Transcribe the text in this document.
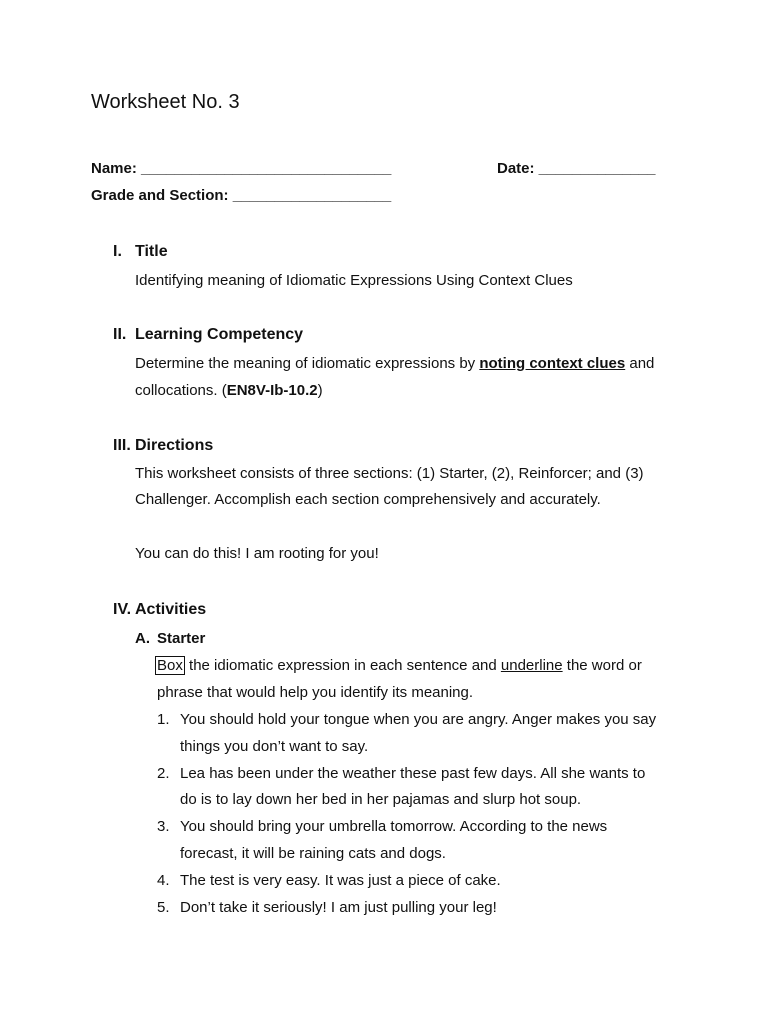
Worksheet No. 3
Name: ______________________________	Date: ______________
Grade and Section: ___________________
I. Title
Identifying meaning of Idiomatic Expressions Using Context Clues
II. Learning Competency
Determine the meaning of idiomatic expressions by noting context clues and
collocations. (EN8V-Ib-10.2)
III. Directions
This worksheet consists of three sections: (1) Starter, (2), Reinforcer; and (3)
Challenger. Accomplish each section comprehensively and accurately.
You can do this! I am rooting for you!
IV. Activities
A. Starter
Box the idiomatic expression in each sentence and underline the word or
phrase that would help you identify its meaning.
1. You should hold your tongue when you are angry. Anger makes you say
things you don’t want to say.
2. Lea has been under the weather these past few days. All she wants to
do is to lay down her bed in her pajamas and slurp hot soup.
3. You should bring your umbrella tomorrow. According to the news
forecast, it will be raining cats and dogs.
4. The test is very easy. It was just a piece of cake.
5. Don’t take it seriously! I am just pulling your leg!
